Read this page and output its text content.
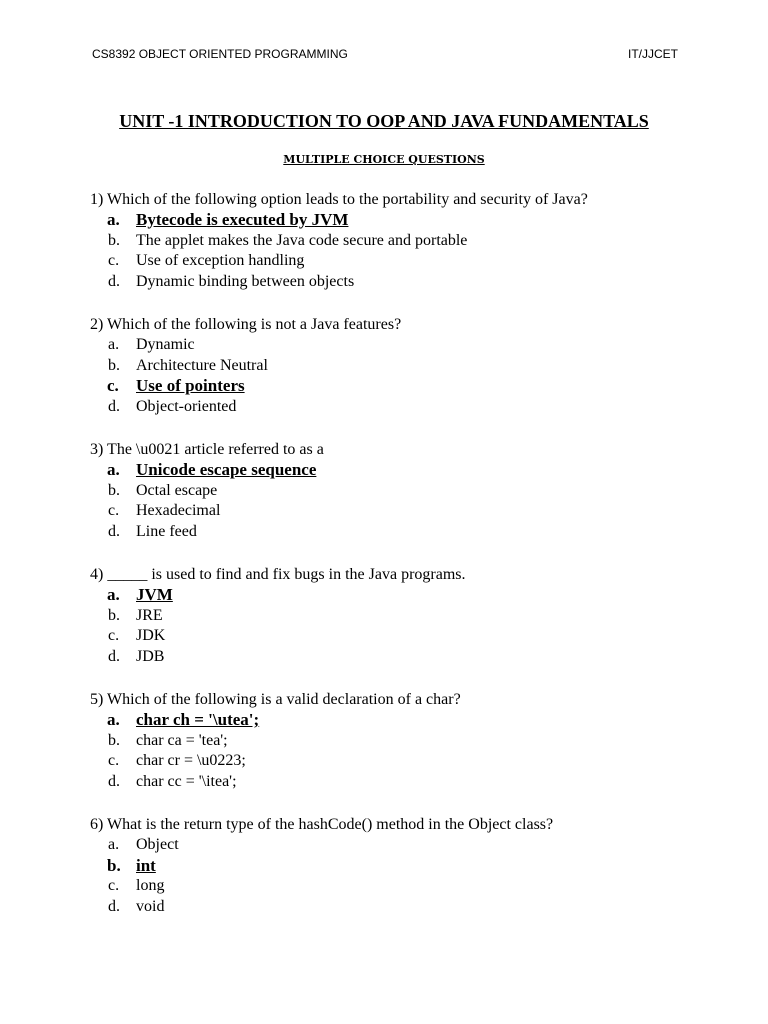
CS8392 OBJECT ORIENTED PROGRAMMING	IT/JJCET
UNIT -1 INTRODUCTION TO OOP AND JAVA FUNDAMENTALS
MULTIPLE CHOICE QUESTIONS
1) Which of the following option leads to the portability and security of Java?
a. Bytecode is executed by JVM
b.	The applet makes the Java code secure and portable
c.	Use of exception handling
d.	Dynamic binding between objects
2) Which of the following is not a Java features?
a.	Dynamic
b.	Architecture Neutral
c.	Use of pointers
d.	Object-oriented
3) The \u0021 article referred to as a
a. Unicode escape sequence
b.	Octal escape
c.	Hexadecimal
d.	Line feed
4) _____ is used to find and fix bugs in the Java programs.
a. JVM
b.	JRE
c.	JDK
d.	JDB
5) Which of the following is a valid declaration of a char?
a. char ch = '\utea';
b.	char ca = 'tea';
c.	char cr = \u0223;
d.	char cc = '\itea';
6) What is the return type of the hashCode() method in the Object class?
a.	Object
b. int
c.	long
d.	void
